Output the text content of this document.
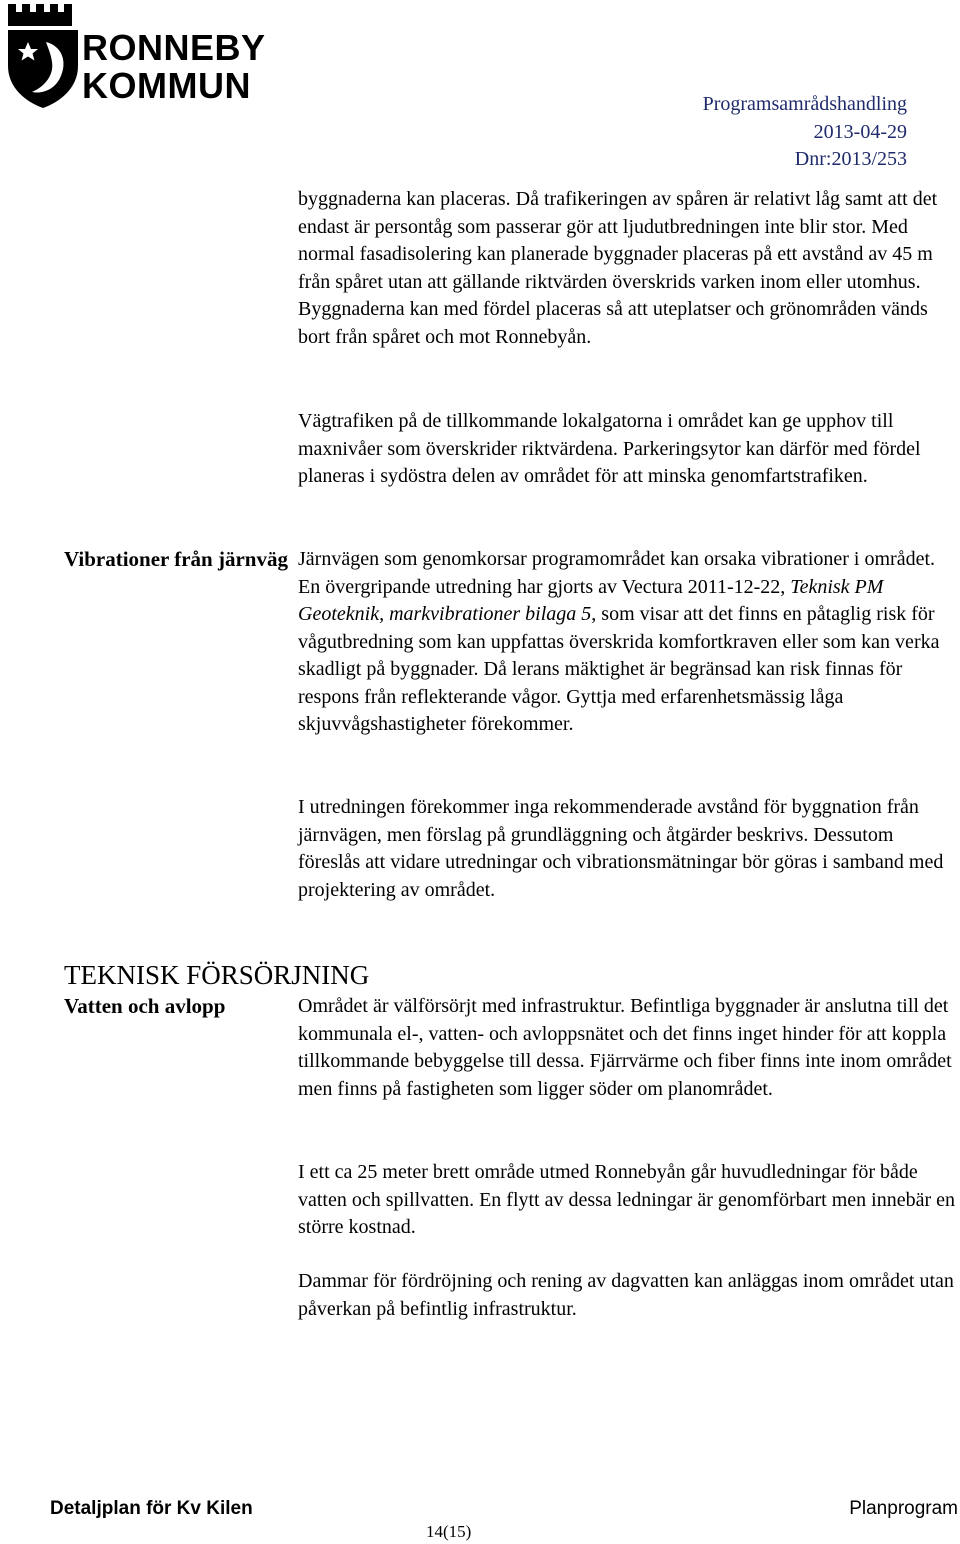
RONNEBY
KOMMUN	Programsamrådshandling
2013-04-29
Dnr:2013/253

byggnaderna kan placeras. Då trafikeringen av spåren är relativt låg samt att det endast är persontåg som passerar gör att ljudutbredningen inte blir stor. Med normal fasadisolering kan planerade byggnader placeras på ett avstånd av 45 m från spåret utan att gällande riktvärden överskrids varken inom eller utomhus. Byggnaderna kan med fördel placeras så att uteplatser och grönområden vänds bort från spåret och mot Ronnebyån.

Vägtrafiken på de tillkommande lokalgatorna i området kan ge upphov till maxnivåer som överskrider riktvärdena. Parkeringsytor kan därför med fördel planeras i sydöstra delen av området för att minska genomfartstrafiken.

Vibrationer från järnväg Järnvägen som genomkorsar programområdet kan orsaka vibrationer i området. En övergripande utredning har gjorts av Vectura 2011-12-22, Teknisk PM Geoteknik, markvibrationer bilaga 5, som visar att det finns en påtaglig risk för vågutbredning som kan uppfattas överskrida komfortkraven eller som kan verka skadligt på byggnader. Då lerans mäktighet är begränsad kan risk finnas för respons från reflekterande vågor. Gyttja med erfarenhetsmässig låga skjuvvågshastigheter förekommer.

I utredningen förekommer inga rekommenderade avstånd för byggnation från järnvägen, men förslag på grundläggning och åtgärder beskrivs. Dessutom föreslås att vidare utredningar och vibrationsmätningar bör göras i samband med projektering av området.

TEKNISK FÖRSÖRJNING

Vatten och avlopp	Området är välförsörjt med infrastruktur. Befintliga byggnader är anslutna till det kommunala el-, vatten- och avloppsnätet och det finns inget hinder för att koppla tillkommande bebyggelse till dessa. Fjärrvärme och fiber finns inte inom området men finns på fastigheten som ligger söder om planområdet.

I ett ca 25 meter brett område utmed Ronnebyån går huvudledningar för både vatten och spillvatten. En flytt av dessa ledningar är genomförbart men innebär en större kostnad.

Dammar för fördröjning och rening av dagvatten kan anläggas inom området utan påverkan på befintlig infrastruktur.

Detaljplan för Kv Kilen	Planprogram
14(15)
